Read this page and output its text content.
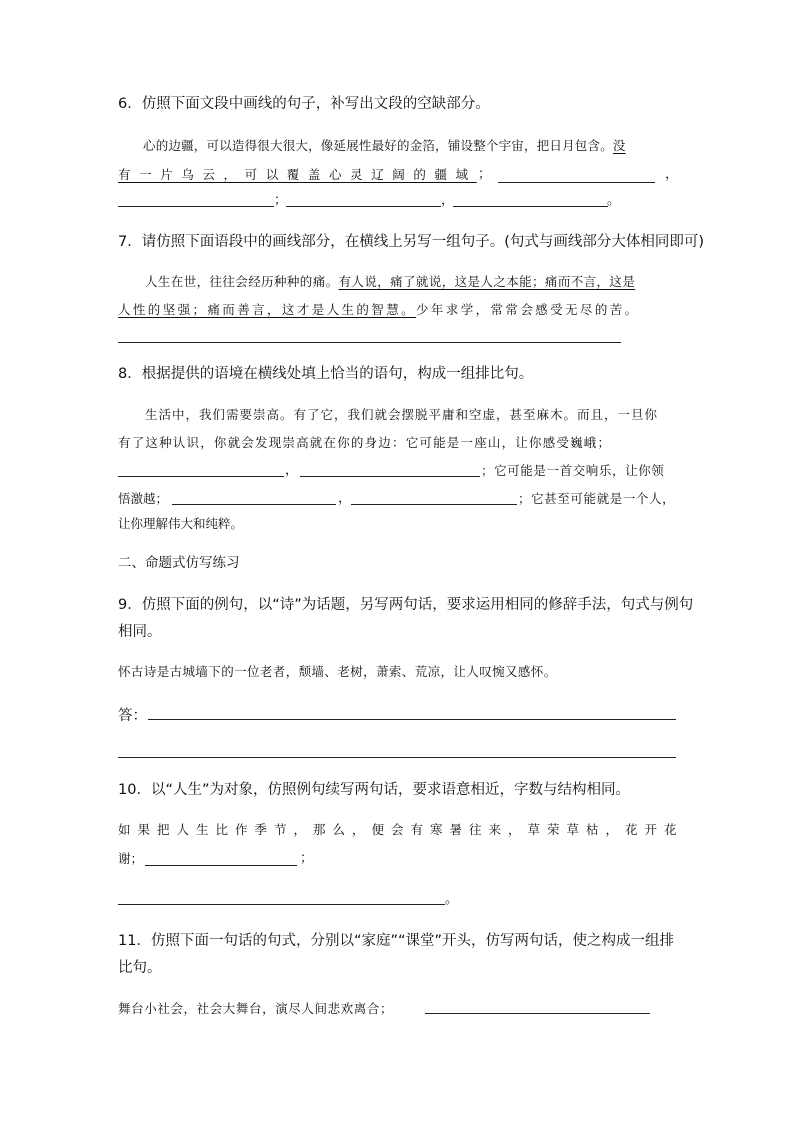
6．仿照下面文段中画线的句子，补写出文段的空缺部分。
心的边疆，可以造得很大很大，像延展性最好的金箔，铺设整个宇宙，把日月包含。没
有一片乌云，可以覆盖心灵辽阔的疆域 ；	，
；	，	。
7．请仿照下面语段中的画线部分，在横线上另写一组句子。(句式与画线部分大体相同即可)
人生在世，往往会经历种种的痛。有人说，痛了就说，这是人之本能；痛而不言，这是
人性的坚强；痛而善言，这才是人生的智慧。少年求学，常常会感受无尽的苦。
8．根据提供的语境在横线处填上恰当的语句，构成一组排比句。
生活中，我们需要崇高。有了它，我们就会摆脱平庸和空虚，甚至麻木。而且，一旦你
有了这种认识，你就会发现崇高就在你的身边：它可能是一座山，让你感受巍峨；
，	；它可能是一首交响乐，让你领
悟激越；	，	；它甚至可能就是一个人，
让你理解伟大和纯粹。
二、命题式仿写练习
9．仿照下面的例句，以“诗”为话题，另写两句话，要求运用相同的修辞手法，句式与例句
相同。
怀古诗是古城墙下的一位老者，颓墙、老树，萧索、荒凉，让人叹惋又感怀。
答：
10．以“人生”为对象，仿照例句续写两句话，要求语意相近，字数与结构相同。
如果把人生比作季节，那么，便会有寒暑往来，草荣草枯，花开花
谢；	；
。
11．仿照下面一句话的句式，分别以“家庭”“课堂”开头，仿写两句话，使之构成一组排
比句。
舞台小社会，社会大舞台，演尽人间悲欢离合；
